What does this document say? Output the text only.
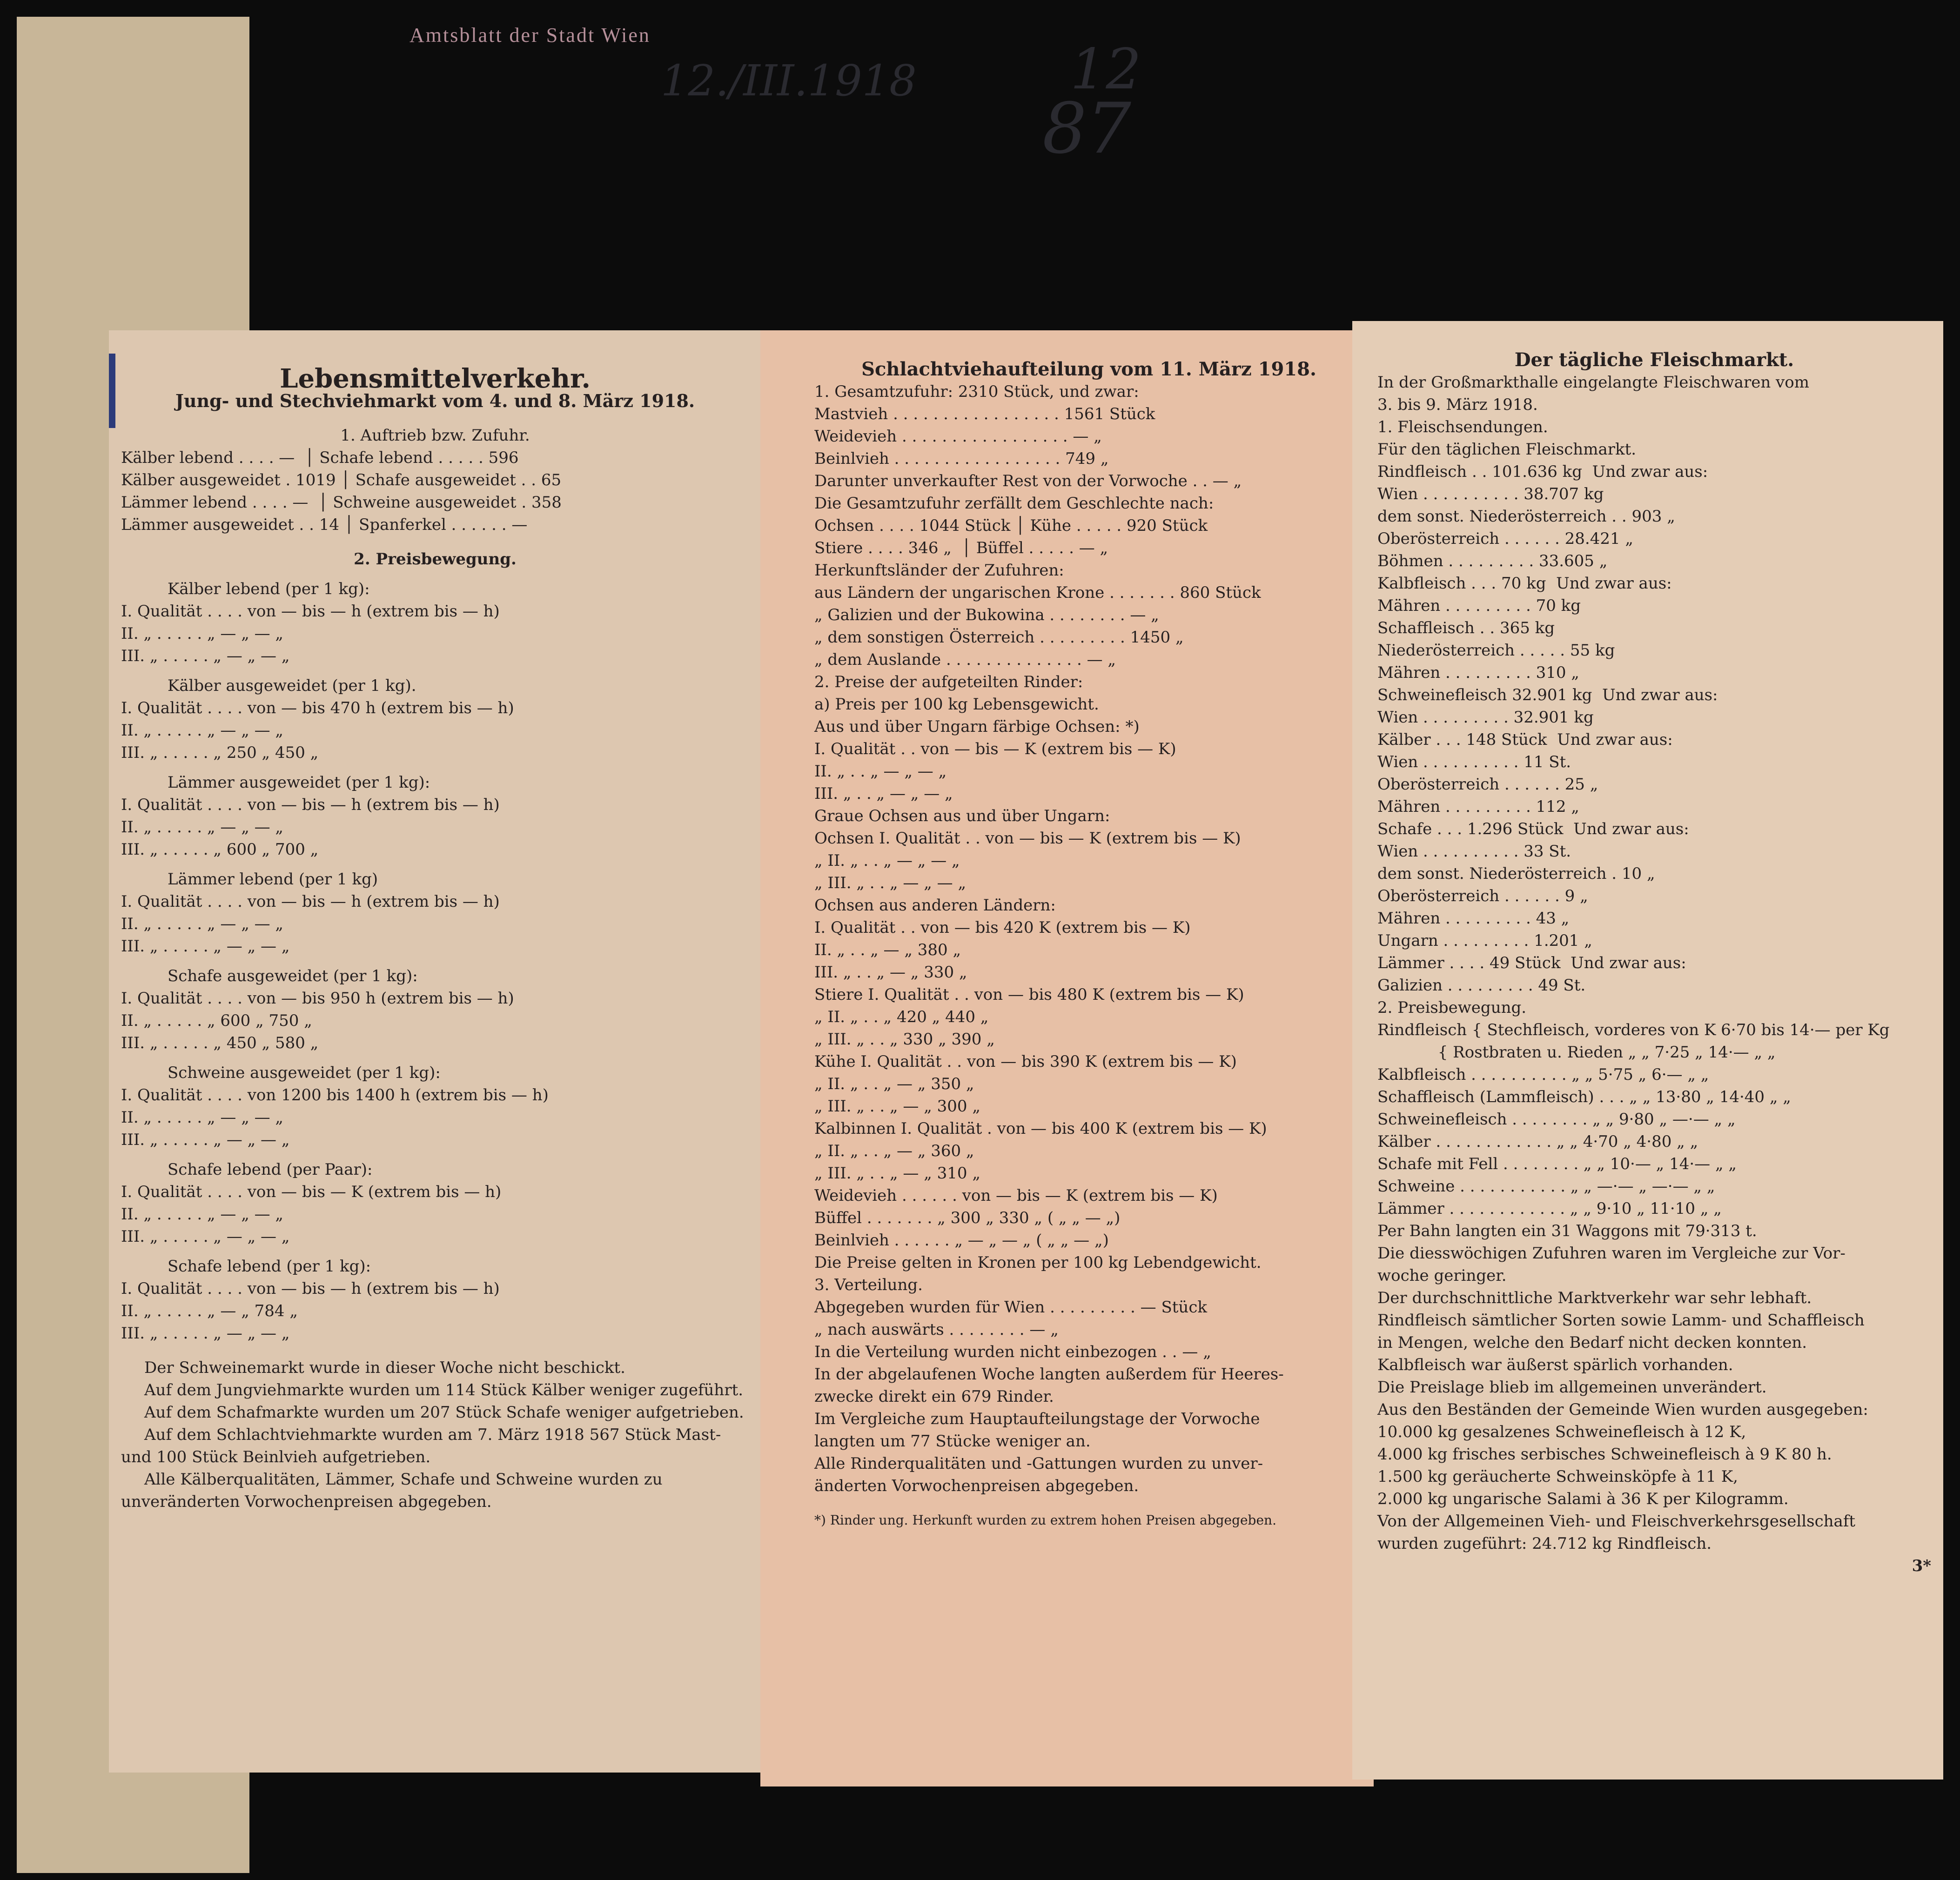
Amtsblatt der Stadt Wien
12./III.1918	12
87
Lebensmittelverkehr.
Jung- und Stechviehmarkt vom 4. und 8. März 1918.
1. Auftrieb bzw. Zufuhr.
Kälber lebend . . . . —  │ Schafe lebend . . . . . 596
Kälber ausgeweidet . 1019 │ Schafe ausgeweidet . . 65
Lämmer lebend . . . . —  │ Schweine ausgeweidet . 358
Lämmer ausgeweidet . . 14 │ Spanferkel . . . . . . —
2. Preisbewegung.
Kälber lebend (per 1 kg):
I. Qualität . . . . von — bis — h (extrem bis — h)
II. „ . . . . . „ — „ — „
III. „ . . . . . „ — „ — „
Kälber ausgeweidet (per 1 kg).
I. Qualität . . . . von — bis 470 h (extrem bis — h)
II. „ . . . . . „ — „ — „
III. „ . . . . . „ 250 „ 450 „
Lämmer ausgeweidet (per 1 kg):
I. Qualität . . . . von — bis — h (extrem bis — h)
II. „ . . . . . „ — „ — „
III. „ . . . . . „ 600 „ 700 „
Lämmer lebend (per 1 kg)
I. Qualität . . . . von — bis — h (extrem bis — h)
II. „ . . . . . „ — „ — „
III. „ . . . . . „ — „ — „
Schafe ausgeweidet (per 1 kg):
I. Qualität . . . . von — bis 950 h (extrem bis — h)
II. „ . . . . . „ 600 „ 750 „
III. „ . . . . . „ 450 „ 580 „
Schweine ausgeweidet (per 1 kg):
I. Qualität . . . . von 1200 bis 1400 h (extrem bis — h)
II. „ . . . . . „ — „ — „
III. „ . . . . . „ — „ — „
Schafe lebend (per Paar):
I. Qualität . . . . von — bis — K (extrem bis — h)
II. „ . . . . . „ — „ — „
III. „ . . . . . „ — „ — „
Schafe lebend (per 1 kg):
I. Qualität . . . . von — bis — h (extrem bis — h)
II. „ . . . . . „ — „ 784 „
III. „ . . . . . „ — „ — „
Der Schweinemarkt wurde in dieser Woche nicht beschickt.
Auf dem Jungviehmarkte wurden um 114 Stück Kälber weniger zugeführt.
Auf dem Schafmarkte wurden um 207 Stück Schafe weniger aufgetrieben.
Auf dem Schlachtviehmarkte wurden am 7. März 1918 567 Stück Mast- und 100 Stück Beinlvieh aufgetrieben.
Alle Kälberqualitäten, Lämmer, Schafe und Schweine wurden zu unveränderten Vorwochenpreisen abgegeben.
Schlachtviehaufteilung vom 11. März 1918.
1. Gesamtzufuhr: 2310 Stück, und zwar:
Mastvieh . . . . . . . . . . . . . . . . . 1561 Stück
Weidevieh . . . . . . . . . . . . . . . . . — „
Beinlvieh . . . . . . . . . . . . . . . . . 749 „
Darunter unverkaufter Rest von der Vorwoche . . — „
Die Gesamtzufuhr zerfällt dem Geschlechte nach:
Ochsen . . . . 1044 Stück │ Kühe . . . . . 920 Stück
Stiere . . . . 346 „  │ Büffel . . . . . — „
Herkunftsländer der Zufuhren:
aus Ländern der ungarischen Krone . . . . . . . 860 Stück
„ Galizien und der Bukowina . . . . . . . . — „
„ dem sonstigen Österreich . . . . . . . . . 1450 „
„ dem Auslande . . . . . . . . . . . . . . — „
2. Preise der aufgeteilten Rinder:
a) Preis per 100 kg Lebensgewicht.
Aus und über Ungarn färbige Ochsen: *)
I. Qualität . . von — bis — K (extrem bis — K)
II. „ . . „ — „ — „
III. „ . . „ — „ — „
Graue Ochsen aus und über Ungarn:
Ochsen I. Qualität . . von — bis — K (extrem bis — K)
„ II. „ . . „ — „ — „
„ III. „ . . „ — „ — „
Ochsen aus anderen Ländern:
I. Qualität . . von — bis 420 K (extrem bis — K)
II. „ . . „ — „ 380 „
III. „ . . „ — „ 330 „
Stiere I. Qualität . . von — bis 480 K (extrem bis — K)
„ II. „ . . „ 420 „ 440 „
„ III. „ . . „ 330 „ 390 „
Kühe I. Qualität . . von — bis 390 K (extrem bis — K)
„ II. „ . . „ — „ 350 „
„ III. „ . . „ — „ 300 „
Kalbinnen I. Qualität . von — bis 400 K (extrem bis — K)
„ II. „ . . „ — „ 360 „
„ III. „ . . „ — „ 310 „
Weidevieh . . . . . . von — bis — K (extrem bis — K)
Büffel . . . . . . . „ 300 „ 330 „ ( „ „ — „)
Beinlvieh . . . . . . „ — „ — „ ( „ „ — „)
Die Preise gelten in Kronen per 100 kg Lebendgewicht.
3. Verteilung.
Abgegeben wurden für Wien . . . . . . . . . — Stück
„ nach auswärts . . . . . . . . — „
In die Verteilung wurden nicht einbezogen . . — „
In der abgelaufenen Woche langten außerdem für Heeres-
zwecke direkt ein 679 Rinder.
Im Vergleiche zum Hauptaufteilungstage der Vorwoche
langten um 77 Stücke weniger an.
Alle Rinderqualitäten und -Gattungen wurden zu unver-
änderten Vorwochenpreisen abgegeben.
*) Rinder ung. Herkunft wurden zu extrem hohen Preisen abgegeben.
Der tägliche Fleischmarkt.
In der Großmarkthalle eingelangte Fleischwaren vom
3. bis 9. März 1918.
1. Fleischsendungen.
Für den täglichen Fleischmarkt.
Rindfleisch . . 101.636 kg  Und zwar aus:
Wien . . . . . . . . . . 38.707 kg
dem sonst. Niederösterreich . . 903 „
Oberösterreich . . . . . . 28.421 „
Böhmen . . . . . . . . . 33.605 „
Kalbfleisch . . . 70 kg  Und zwar aus:
Mähren . . . . . . . . . 70 kg
Schaffleisch . . 365 kg
Niederösterreich . . . . . 55 kg
Mähren . . . . . . . . . 310 „
Schweinefleisch 32.901 kg  Und zwar aus:
Wien . . . . . . . . . 32.901 kg
Kälber . . . 148 Stück  Und zwar aus:
Wien . . . . . . . . . . 11 St.
Oberösterreich . . . . . . 25 „
Mähren . . . . . . . . . 112 „
Schafe . . . 1.296 Stück  Und zwar aus:
Wien . . . . . . . . . . 33 St.
dem sonst. Niederösterreich . 10 „
Oberösterreich . . . . . . 9 „
Mähren . . . . . . . . . 43 „
Ungarn . . . . . . . . . 1.201 „
Lämmer . . . . 49 Stück  Und zwar aus:
Galizien . . . . . . . . . 49 St.
2. Preisbewegung.
Rindfleisch { Stechfleisch, vorderes von K 6·70 bis 14·— per Kg
{ Rostbraten u. Rieden „ „ 7·25 „ 14·— „ „
Kalbfleisch . . . . . . . . . . „ „ 5·75 „ 6·— „ „
Schaffleisch (Lammfleisch) . . . „ „ 13·80 „ 14·40 „ „
Schweinefleisch . . . . . . . . „ „ 9·80 „ —·— „ „
Kälber . . . . . . . . . . . . „ „ 4·70 „ 4·80 „ „
Schafe mit Fell . . . . . . . . „ „ 10·— „ 14·— „ „
Schweine . . . . . . . . . . . „ „ —·— „ —·— „ „
Lämmer . . . . . . . . . . . . „ „ 9·10 „ 11·10 „ „
Per Bahn langten ein 31 Waggons mit 79·313 t.
Die diesswöchigen Zufuhren waren im Vergleiche zur Vor-
woche geringer.
Der durchschnittliche Marktverkehr war sehr lebhaft.
Rindfleisch sämtlicher Sorten sowie Lamm- und Schaffleisch
in Mengen, welche den Bedarf nicht decken konnten.
Kalbfleisch war äußerst spärlich vorhanden.
Die Preislage blieb im allgemeinen unverändert.
Aus den Beständen der Gemeinde Wien wurden ausgegeben:
10.000 kg gesalzenes Schweinefleisch à 12 K,
4.000 kg frisches serbisches Schweinefleisch à 9 K 80 h.
1.500 kg geräucherte Schweinsköpfe à 11 K,
2.000 kg ungarische Salami à 36 K per Kilogramm.
Von der Allgemeinen Vieh- und Fleischverkehrsgesellschaft
wurden zugeführt: 24.712 kg Rindfleisch.
3*
